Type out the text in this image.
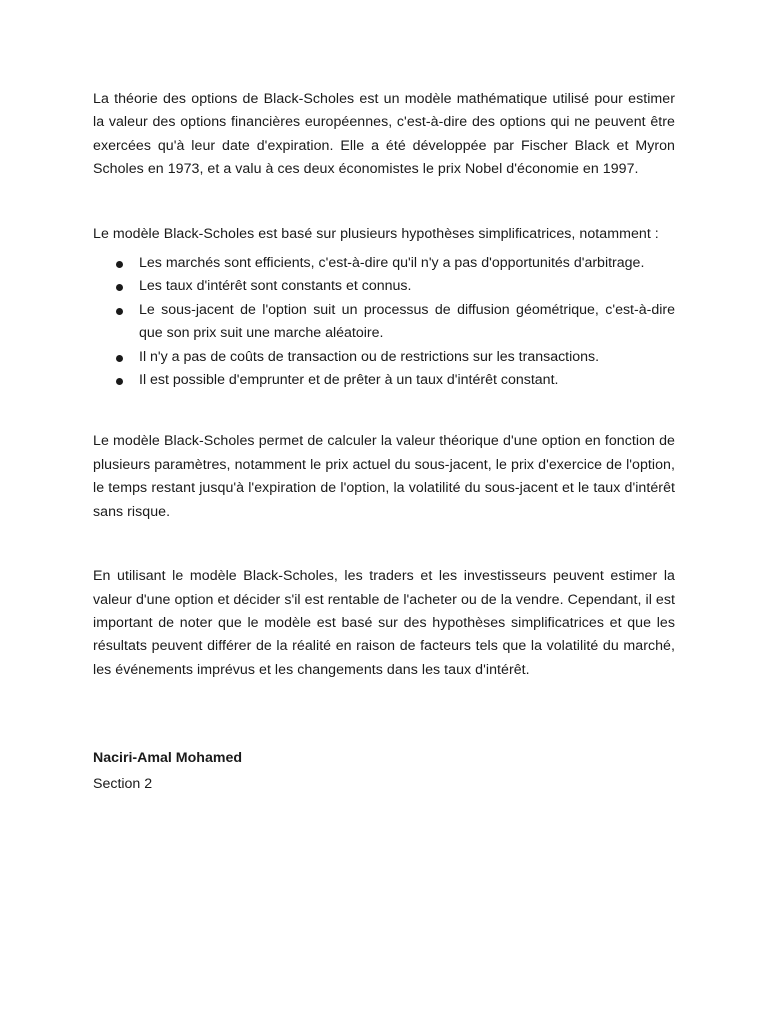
La théorie des options de Black-Scholes est un modèle mathématique utilisé pour estimer la valeur des options financières européennes, c'est-à-dire des options qui ne peuvent être exercées qu'à leur date d'expiration. Elle a été développée par Fischer Black et Myron Scholes en 1973, et a valu à ces deux économistes le prix Nobel d'économie en 1997.

Le modèle Black-Scholes est basé sur plusieurs hypothèses simplificatrices, notamment :

Les marchés sont efficients, c'est-à-dire qu'il n'y a pas d'opportunités d'arbitrage.
Les taux d'intérêt sont constants et connus.
Le sous-jacent de l'option suit un processus de diffusion géométrique, c'est-à-dire que son prix suit une marche aléatoire.
Il n'y a pas de coûts de transaction ou de restrictions sur les transactions.
Il est possible d'emprunter et de prêter à un taux d'intérêt constant.

Le modèle Black-Scholes permet de calculer la valeur théorique d'une option en fonction de plusieurs paramètres, notamment le prix actuel du sous-jacent, le prix d'exercice de l'option, le temps restant jusqu'à l'expiration de l'option, la volatilité du sous-jacent et le taux d'intérêt sans risque.

En utilisant le modèle Black-Scholes, les traders et les investisseurs peuvent estimer la valeur d'une option et décider s'il est rentable de l'acheter ou de la vendre. Cependant, il est important de noter que le modèle est basé sur des hypothèses simplificatrices et que les résultats peuvent différer de la réalité en raison de facteurs tels que la volatilité du marché, les événements imprévus et les changements dans les taux d'intérêt.

Naciri-Amal Mohamed

Section 2
